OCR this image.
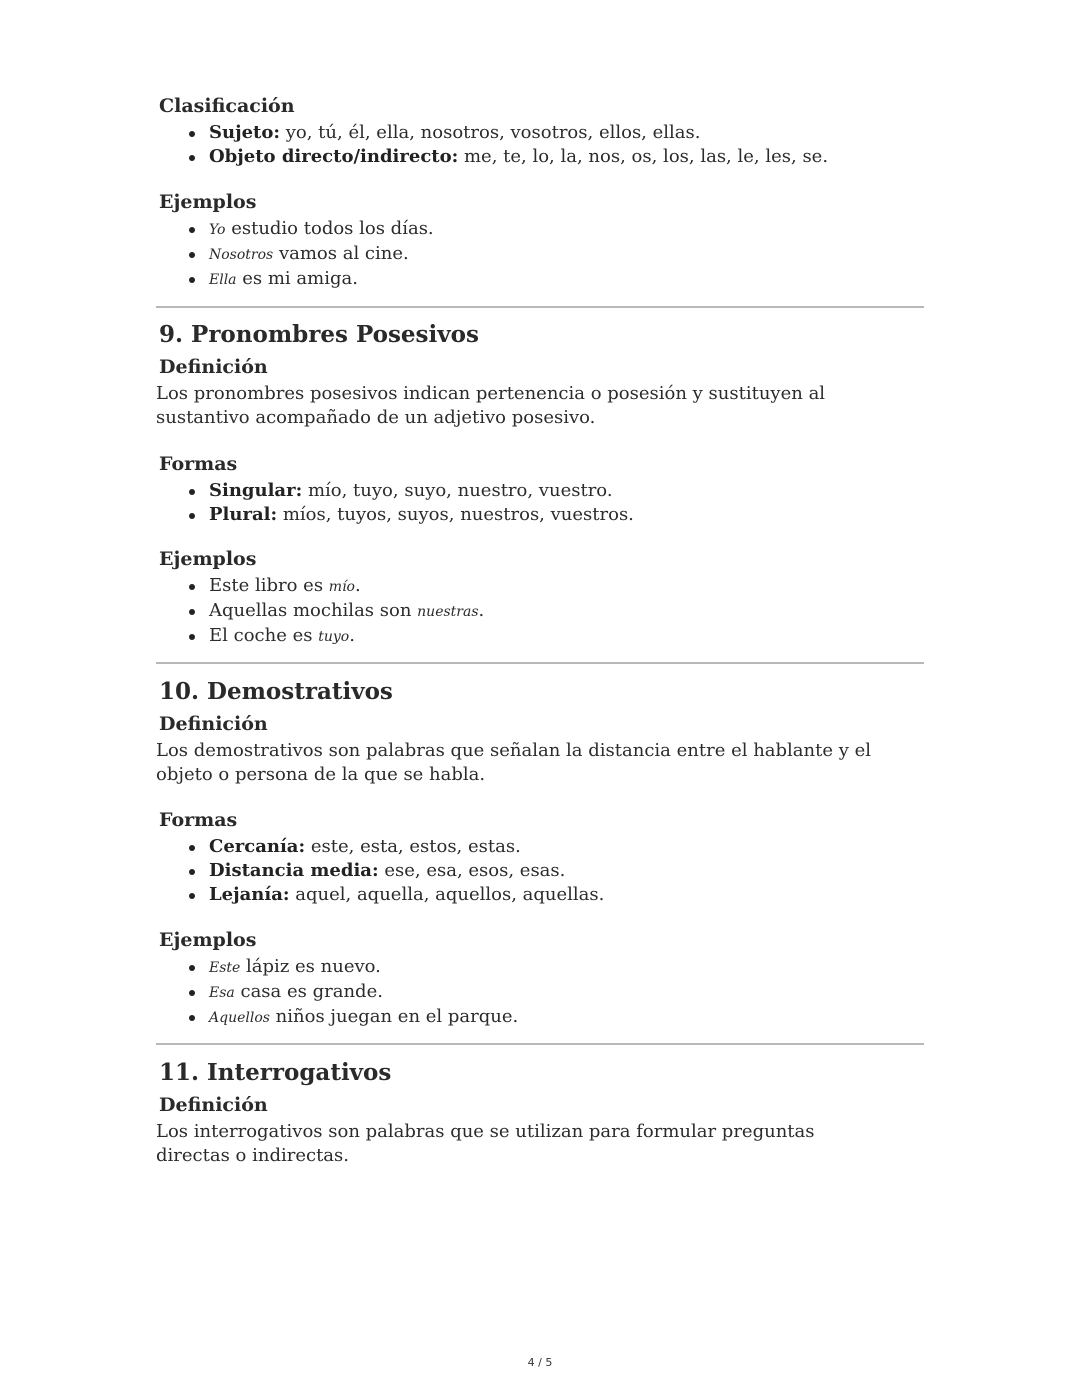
Clasificación
Sujeto: yo, tú, él, ella, nosotros, vosotros, ellos, ellas.
Objeto directo/indirecto: me, te, lo, la, nos, os, los, las, le, les, se.
Ejemplos
Yo estudio todos los días.
Nosotros vamos al cine.
Ella es mi amiga.
9. Pronombres Posesivos
Definición

Los pronombres posesivos indican pertenencia o posesión y sustituyen al sustantivo acompañado de un adjetivo posesivo.

Formas
Singular: mío, tuyo, suyo, nuestro, vuestro.
Plural: míos, tuyos, suyos, nuestros, vuestros.
Ejemplos
Este libro es mío.
Aquellas mochilas son nuestras.
El coche es tuyo.
10. Demostrativos
Definición

Los demostrativos son palabras que señalan la distancia entre el hablante y el objeto o persona de la que se habla.

Formas
Cercanía: este, esta, estos, estas.
Distancia media: ese, esa, esos, esas.
Lejanía: aquel, aquella, aquellos, aquellas.
Ejemplos
Este lápiz es nuevo.
Esa casa es grande.
Aquellos niños juegan en el parque.
11. Interrogativos
Definición

Los interrogativos son palabras que se utilizan para formular preguntas directas o indirectas.

4 / 5
